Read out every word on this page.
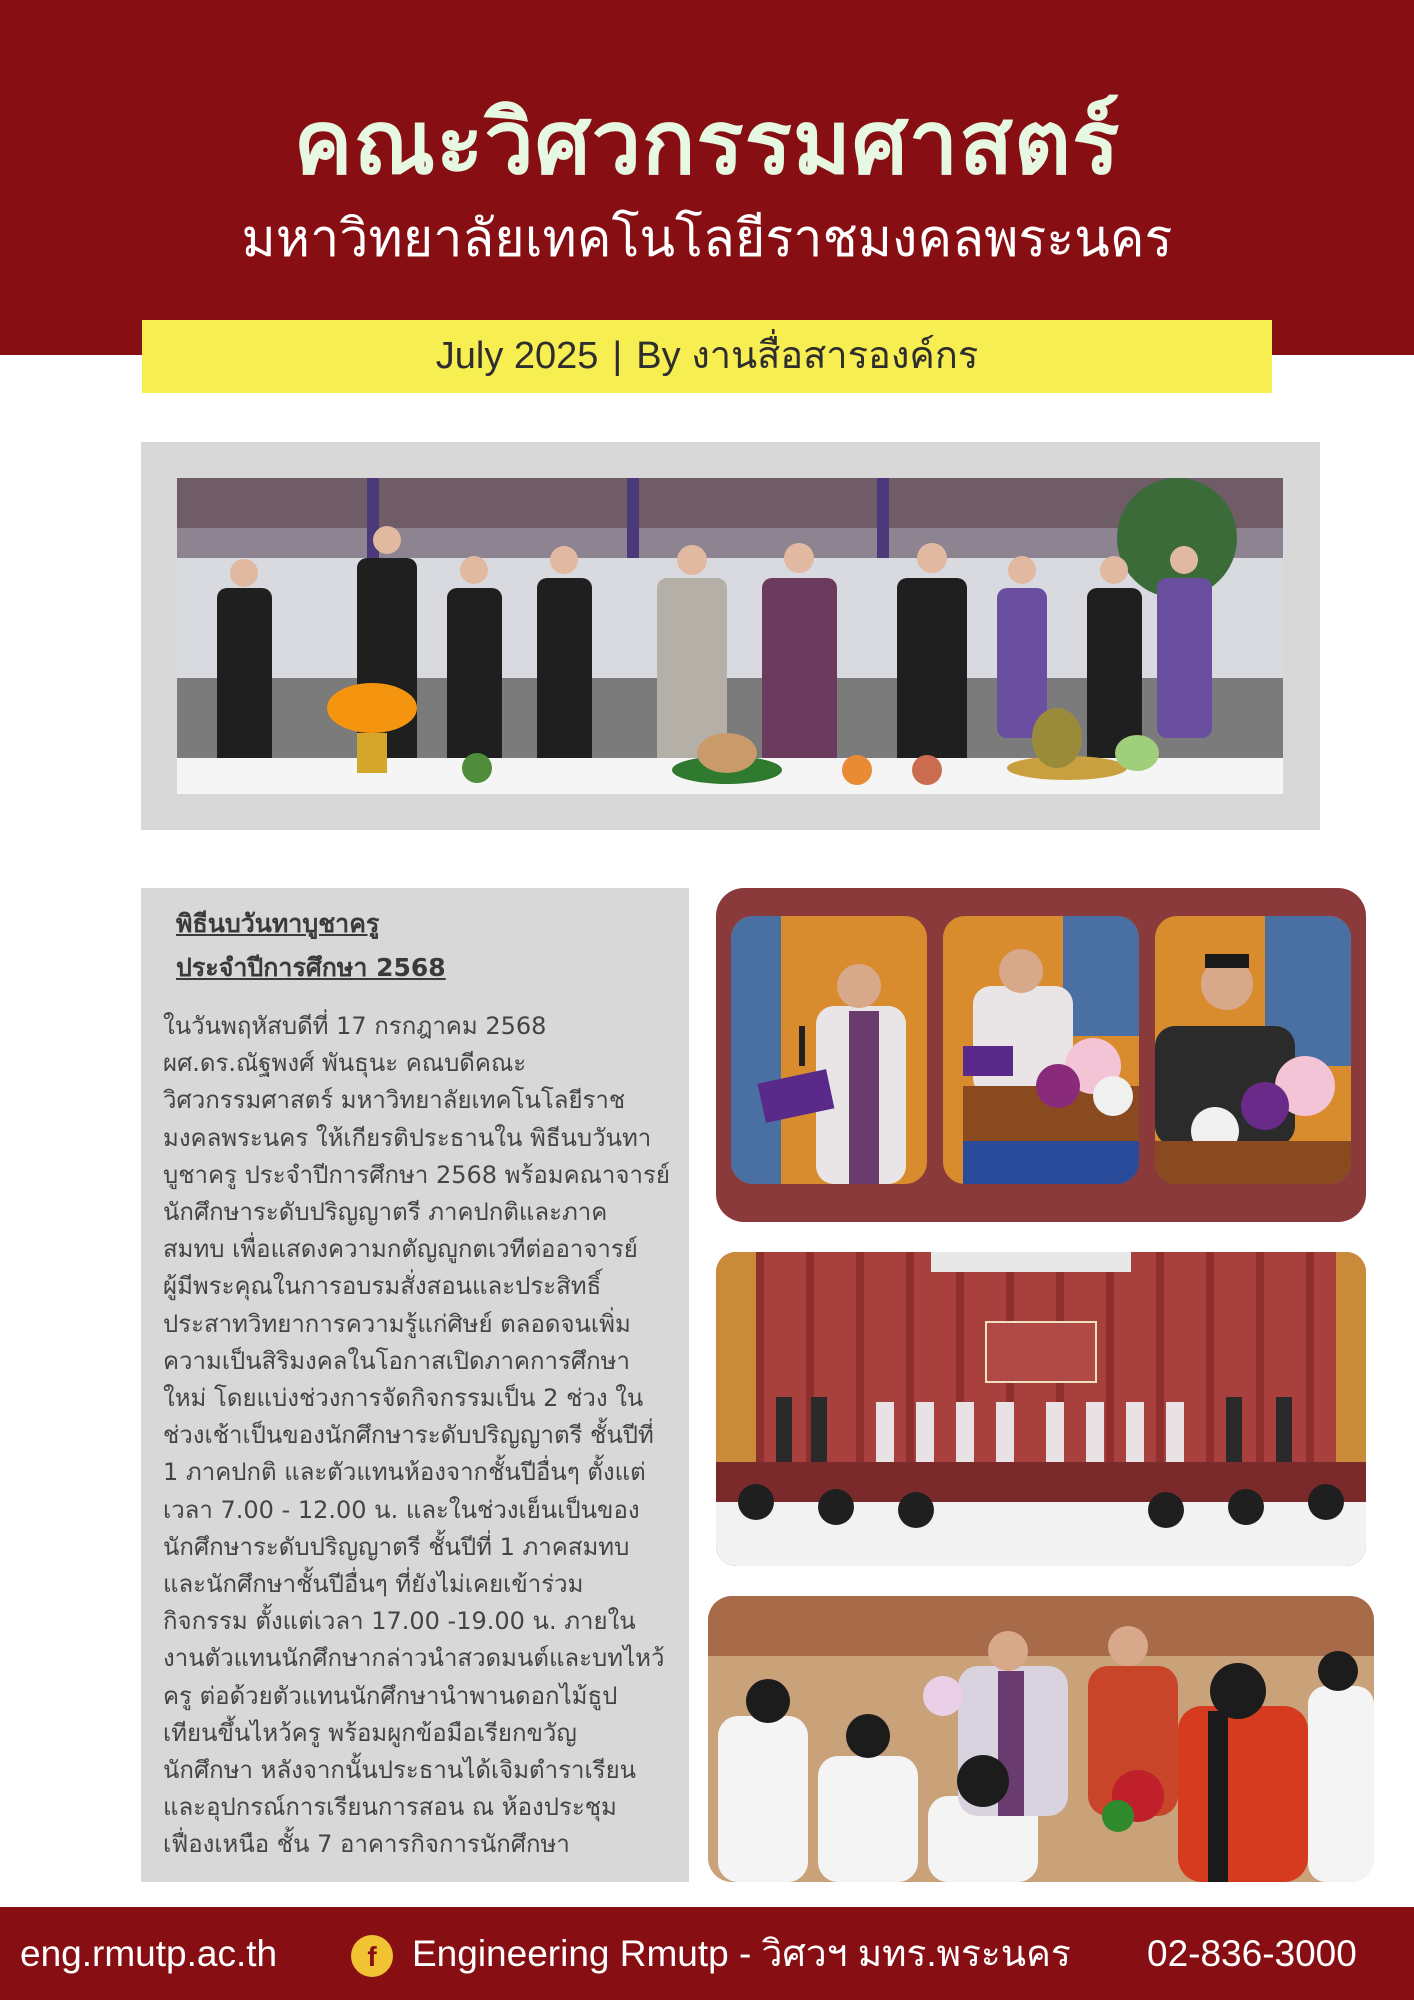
คณะวิศวกรรมศาสตร์
มหาวิทยาลัยเทคโนโลยีราชมงคลพระนคร
July 2025 | By งานสื่อสารองค์กร
พิธีนบวันทาบูชาครู
ประจำปีการศึกษา 2568
ในวันพฤหัสบดีที่ 17 กรกฎาคม 2568
ผศ.ดร.ณัฐพงศ์ พันธุนะ คณบดีคณะ
วิศวกรรมศาสตร์ มหาวิทยาลัยเทคโนโลยีราช
มงคลพระนคร ให้เกียรติประธานใน พิธีนบวันทา
บูชาครู ประจำปีการศึกษา 2568 พร้อมคณาจารย์
นักศึกษาระดับปริญญาตรี ภาคปกติและภาค
สมทบ เพื่อแสดงความกตัญญูกตเวทีต่ออาจารย์
ผู้มีพระคุณในการอบรมสั่งสอนและประสิทธิ์
ประสาทวิทยาการความรู้แก่ศิษย์ ตลอดจนเพิ่ม
ความเป็นสิริมงคลในโอกาสเปิดภาคการศึกษา
ใหม่ โดยแบ่งช่วงการจัดกิจกรรมเป็น 2 ช่วง ใน
ช่วงเช้าเป็นของนักศึกษาระดับปริญญาตรี ชั้นปีที่
1 ภาคปกติ และตัวแทนห้องจากชั้นปีอื่นๆ ตั้งแต่
เวลา 7.00 - 12.00 น. และในช่วงเย็นเป็นของ
นักศึกษาระดับปริญญาตรี ชั้นปีที่ 1 ภาคสมทบ
และนักศึกษาชั้นปีอื่นๆ ที่ยังไม่เคยเข้าร่วม
กิจกรรม ตั้งแต่เวลา 17.00 -19.00 น. ภายใน
งานตัวแทนนักศึกษากล่าวนำสวดมนต์และบทไหว้
ครู ต่อด้วยตัวแทนนักศึกษานำพานดอกไม้ธูป
เทียนขึ้นไหว้ครู พร้อมผูกข้อมือเรียกขวัญ
นักศึกษา หลังจากนั้นประธานได้เจิมตำราเรียน
และอุปกรณ์การเรียนการสอน ณ ห้องประชุม
เฟื่องเหนือ ชั้น 7 อาคารกิจการนักศึกษา
eng.rmutp.ac.th	f Engineering Rmutp - วิศวฯ มทร.พระนคร 02-836-3000
